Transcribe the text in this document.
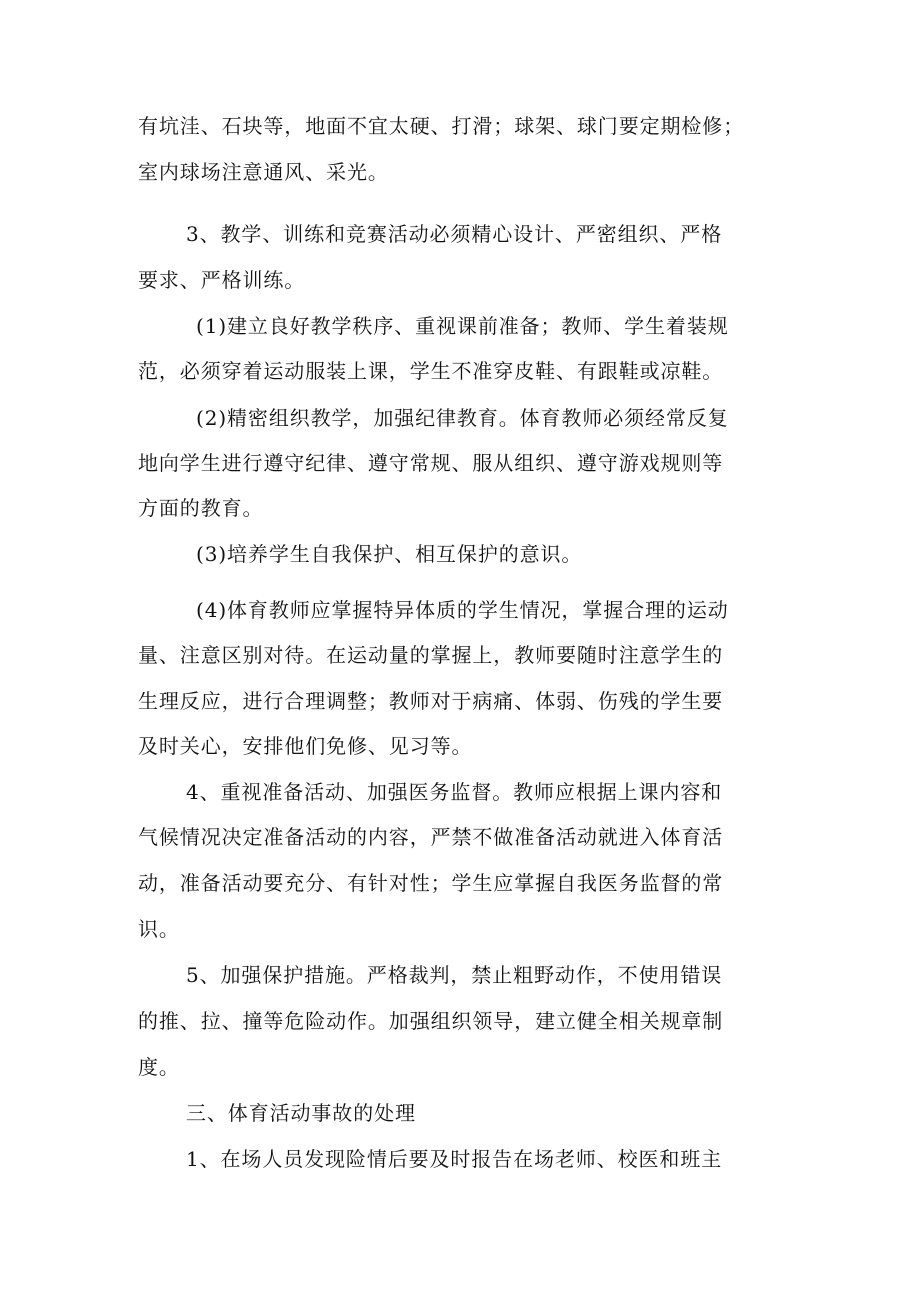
有坑洼、石块等，地面不宜太硬、打滑；球架、球门要定期检修；
室内球场注意通风、采光。
3、教学、训练和竞赛活动必须精心设计、严密组织、严格
要求、严格训练。
(1)建立良好教学秩序、重视课前准备；教师、学生着装规
范，必须穿着运动服装上课，学生不准穿皮鞋、有跟鞋或凉鞋。
(2)精密组织教学，加强纪律教育。体育教师必须经常反复
地向学生进行遵守纪律、遵守常规、服从组织、遵守游戏规则等
方面的教育。
(3)培养学生自我保护、相互保护的意识。
(4)体育教师应掌握特异体质的学生情况，掌握合理的运动
量、注意区别对待。在运动量的掌握上，教师要随时注意学生的
生理反应，进行合理调整；教师对于病痛、体弱、伤残的学生要
及时关心，安排他们免修、见习等。
4、重视准备活动、加强医务监督。教师应根据上课内容和
气候情况决定准备活动的内容，严禁不做准备活动就进入体育活
动，准备活动要充分、有针对性；学生应掌握自我医务监督的常
识。
5、加强保护措施。严格裁判，禁止粗野动作，不使用错误
的推、拉、撞等危险动作。加强组织领导，建立健全相关规章制
度。
三、体育活动事故的处理
1、在场人员发现险情后要及时报告在场老师、校医和班主
